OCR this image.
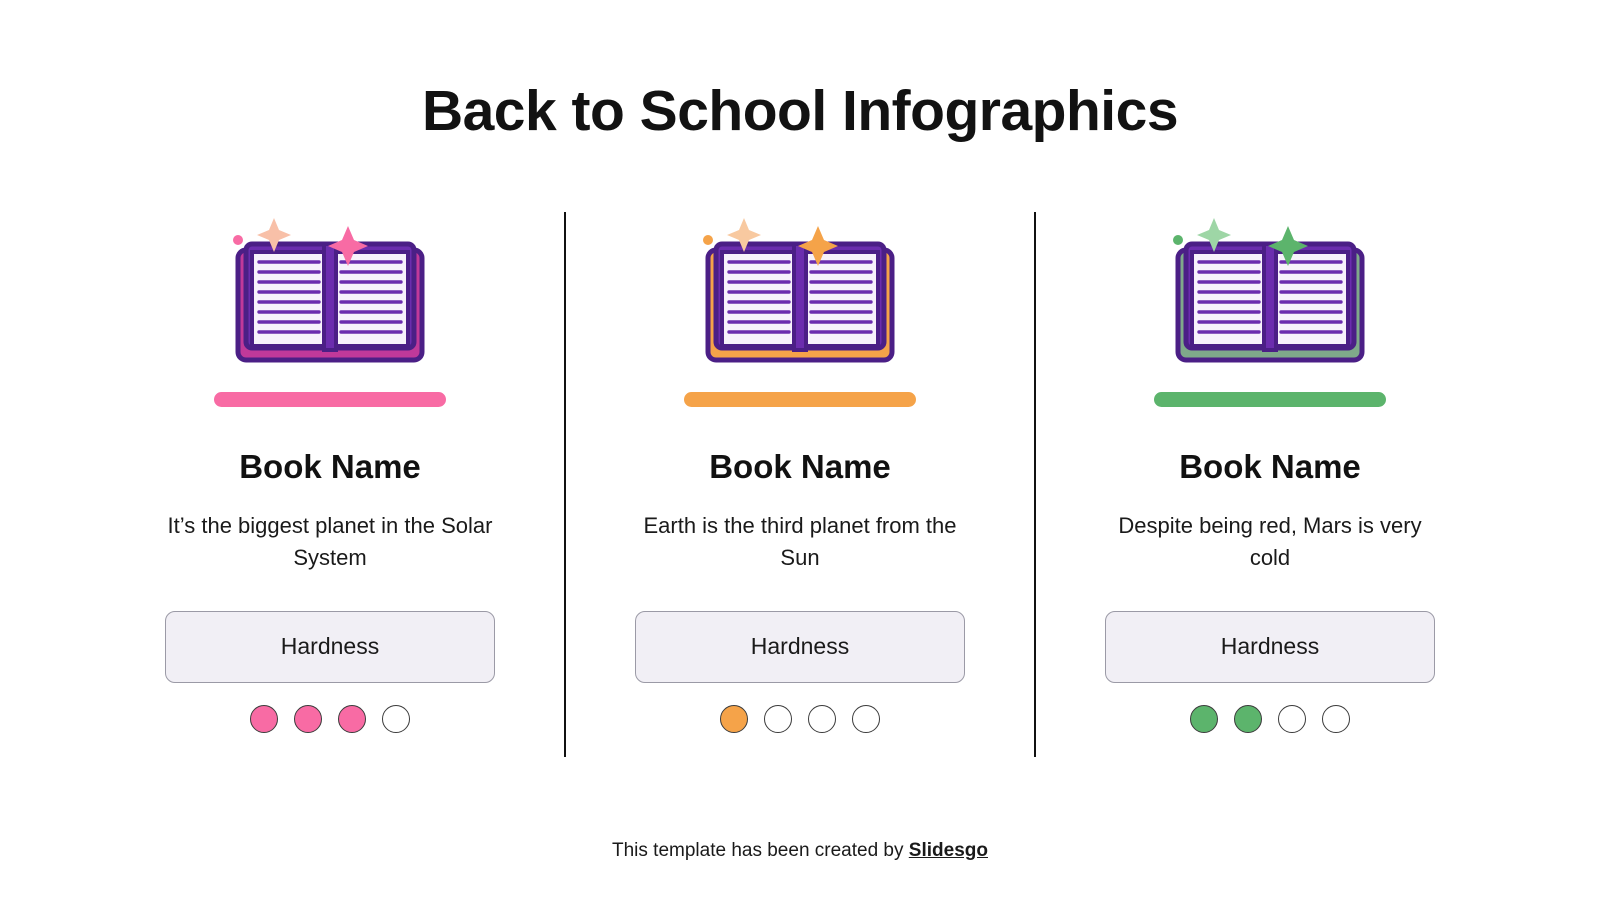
Back to School Infographics
Book Name
It’s the biggest planet in the Solar System
Hardness
Book Name
Earth is the third planet from the Sun
Hardness
Book Name
Despite being red, Mars is very cold
Hardness
This template has been created by Slidesgo
